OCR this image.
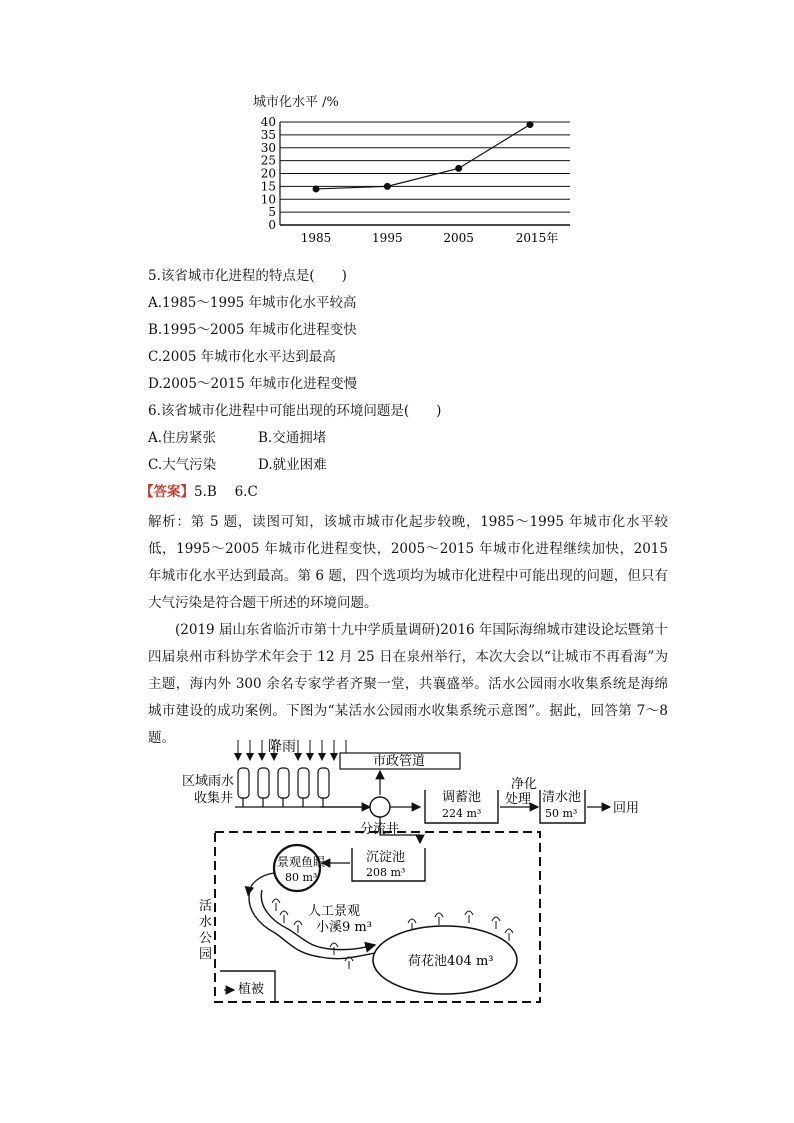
城市化水平 /%
0
5
10
15
20
25
30
35
40
1985	1995	2005	2015年
5.该省城市化进程的特点是(　　)
A.1985～1995 年城市化水平较高
B.1995～2005 年城市化进程变快
C.2005 年城市化水平达到最高
D.2005～2015 年城市化进程变慢
6.该省城市化进程中可能出现的环境问题是(　　)
A.住房紧张	B.交通拥堵
C.大气污染	D.就业困难
【答案】5.B　 6.C
解析：第 5 题，读图可知，该城市城市化起步较晚，1985～1995 年城市化水平较低，1995～2005 年城市化进程变快，2005～2015 年城市化进程继续加快，2015 年城市化水平达到最高。第 6 题，四个选项均为城市化进程中可能出现的问题，但只有大气污染是符合题干所述的环境问题。
(2019 届山东省临沂市第十九中学质量调研)2016 年国际海绵城市建设论坛暨第十四届泉州市科协学术年会于 12 月 25 日在泉州举行，本次大会以“让城市不再看海”为主题，海内外 300 余名专家学者齐聚一堂，共襄盛举。活水公园雨水收集系统是海绵城市建设的成功案例。下图为“某活水公园雨水收集系统示意图”。据此，回答第 7～8 题。
降雨
区域雨水
收集井
市政管道
分流井
调蓄池
224 m³
净化
处理 清水池
50 m³	回用
活
水
公
园
沉淀池
208 m³
景观鱼眼
80 m³
人工景观
小溪9 m³
荷花池404 m³
植被
